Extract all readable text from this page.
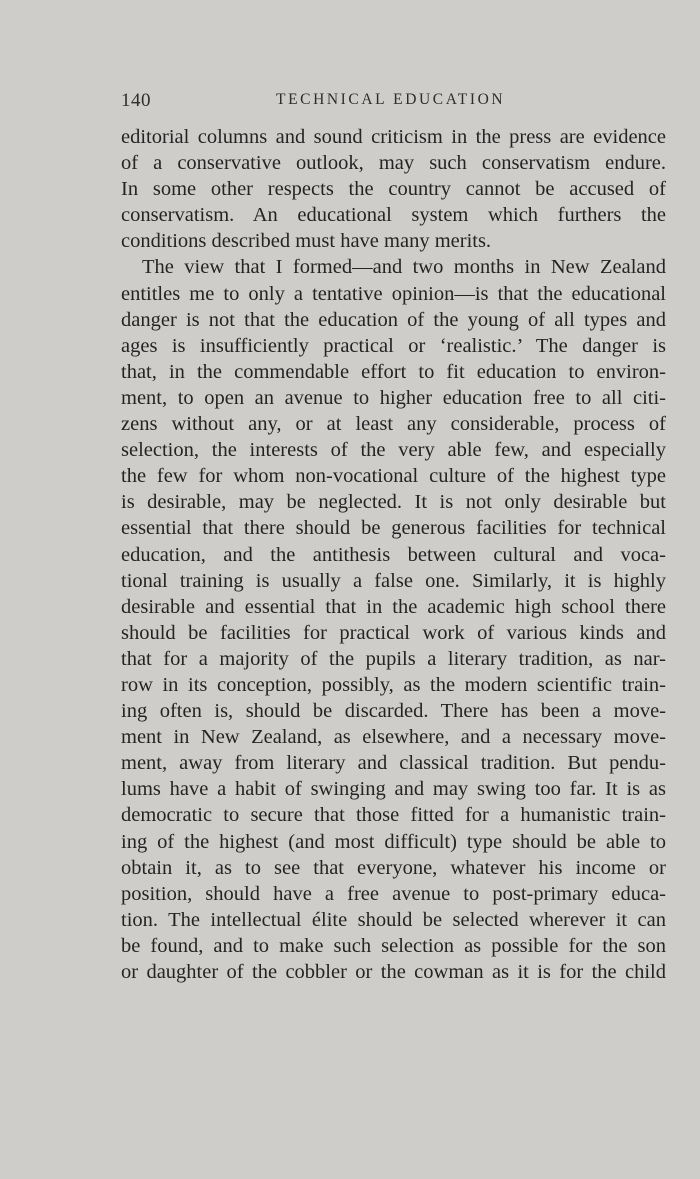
140	TECHNICAL EDUCATION
editorial columns and sound criticism in the press are evidence
of a conservative outlook, may such conservatism endure.
In some other respects the country cannot be accused of
conservatism. An educational system which furthers the
conditions described must have many merits.
The view that I formed—and two months in New Zealand
entitles me to only a tentative opinion—is that the educational
danger is not that the education of the young of all types and
ages is insufficiently practical or ‘realistic.’ The danger is
that, in the commendable effort to fit education to environ-
ment, to open an avenue to higher education free to all citi-
zens without any, or at least any considerable, process of
selection, the interests of the very able few, and especially
the few for whom non-vocational culture of the highest type
is desirable, may be neglected. It is not only desirable but
essential that there should be generous facilities for technical
education, and the antithesis between cultural and voca-
tional training is usually a false one. Similarly, it is highly
desirable and essential that in the academic high school there
should be facilities for practical work of various kinds and
that for a majority of the pupils a literary tradition, as nar-
row in its conception, possibly, as the modern scientific train-
ing often is, should be discarded. There has been a move-
ment in New Zealand, as elsewhere, and a necessary move-
ment, away from literary and classical tradition. But pendu-
lums have a habit of swinging and may swing too far. It is as
democratic to secure that those fitted for a humanistic train-
ing of the highest (and most difficult) type should be able to
obtain it, as to see that everyone, whatever his income or
position, should have a free avenue to post-primary educa-
tion. The intellectual élite should be selected wherever it can
be found, and to make such selection as possible for the son
or daughter of the cobbler or the cowman as it is for the child
